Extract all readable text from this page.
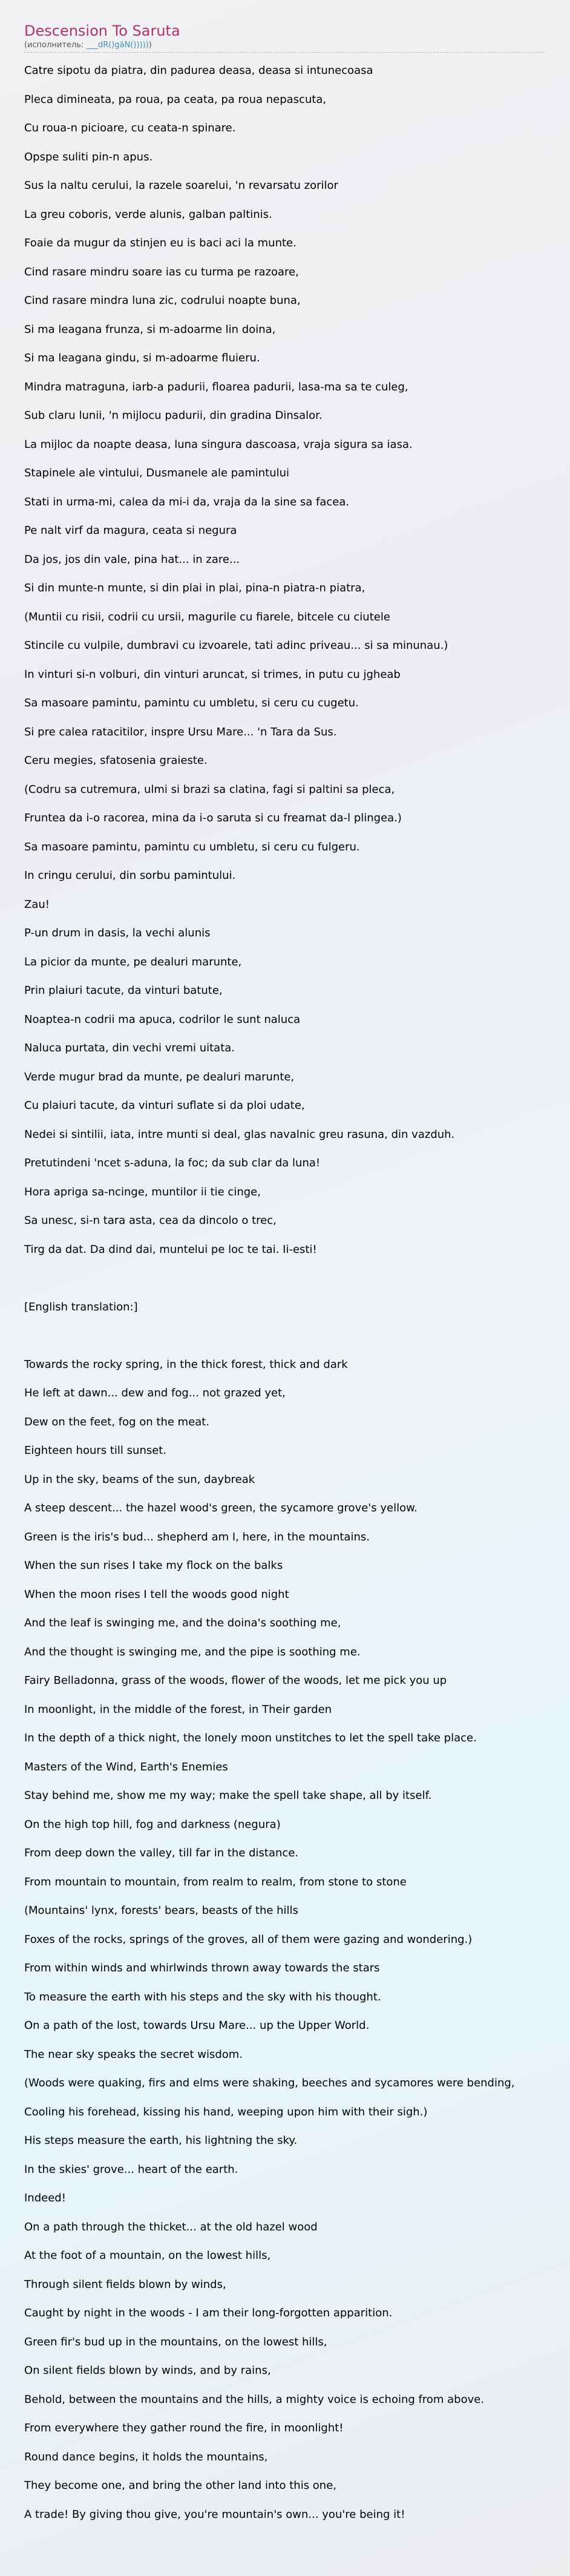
Descension To Saruta
(исполнитель: ___dR()gäN())))))
Catre sipotu da piatra, din padurea deasa, deasa si intunecoasa
Pleca dimineata, pa roua, pa ceata, pa roua nepascuta,
Cu roua-n picioare, cu ceata-n spinare.
Opspe suliti pin-n apus.
Sus la naltu cerului, la razele soarelui, 'n revarsatu zorilor
La greu coboris, verde alunis, galban paltinis.
Foaie da mugur da stinjen eu is baci aci la munte.
Cind rasare mindru soare ias cu turma pe razoare,
Cind rasare mindra luna zic, codrului noapte buna,
Si ma leagana frunza, si m-adoarme lin doina,
Si ma leagana gindu, si m-adoarme fluieru.
Mindra matraguna, iarb-a padurii, floarea padurii, lasa-ma sa te culeg,
Sub claru lunii, 'n mijlocu padurii, din gradina Dinsalor.
La mijloc da noapte deasa, luna singura dascoasa, vraja sigura sa iasa.
Stapinele ale vintului, Dusmanele ale pamintului
Stati in urma-mi, calea da mi-i da, vraja da la sine sa facea.
Pe nalt virf da magura, ceata si negura
Da jos, jos din vale, pina hat... in zare...
Si din munte-n munte, si din plai in plai, pina-n piatra-n piatra,
(Muntii cu risii, codrii cu ursii, magurile cu fiarele, bitcele cu ciutele
Stincile cu vulpile, dumbravi cu izvoarele, tati adinc priveau... si sa minunau.)
In vinturi si-n volburi, din vinturi aruncat, si trimes, in putu cu jgheab
Sa masoare pamintu, pamintu cu umbletu, si ceru cu cugetu.
Si pre calea ratacitilor, inspre Ursu Mare... 'n Tara da Sus.
Ceru megies, sfatosenia graieste.
(Codru sa cutremura, ulmi si brazi sa clatina, fagi si paltini sa pleca,
Fruntea da i-o racorea, mina da i-o saruta si cu freamat da-l plingea.)
Sa masoare pamintu, pamintu cu umbletu, si ceru cu fulgeru.
In cringu cerului, din sorbu pamintului.
Zau!
P-un drum in dasis, la vechi alunis
La picior da munte, pe dealuri marunte,
Prin plaiuri tacute, da vinturi batute,
Noaptea-n codrii ma apuca, codrilor le sunt naluca
Naluca purtata, din vechi vremi uitata.
Verde mugur brad da munte, pe dealuri marunte,
Cu plaiuri tacute, da vinturi suflate si da ploi udate,
Nedei si sintilii, iata, intre munti si deal, glas navalnic greu rasuna, din vazduh.
Pretutindeni 'ncet s-aduna, la foc; da sub clar da luna!
Hora apriga sa-ncinge, muntilor ii tie cinge,
Sa unesc, si-n tara asta, cea da dincolo o trec,
Tirg da dat. Da dind dai, muntelui pe loc te tai. Ii-esti!
[English translation:]
Towards the rocky spring, in the thick forest, thick and dark
He left at dawn... dew and fog... not grazed yet,
Dew on the feet, fog on the meat.
Eighteen hours till sunset.
Up in the sky, beams of the sun, daybreak
A steep descent... the hazel wood's green, the sycamore grove's yellow.
Green is the iris's bud... shepherd am I, here, in the mountains.
When the sun rises I take my flock on the balks
When the moon rises I tell the woods good night
And the leaf is swinging me, and the doina's soothing me,
And the thought is swinging me, and the pipe is soothing me.
Fairy Belladonna, grass of the woods, flower of the woods, let me pick you up
In moonlight, in the middle of the forest, in Their garden
In the depth of a thick night, the lonely moon unstitches to let the spell take place.
Masters of the Wind, Earth's Enemies
Stay behind me, show me my way; make the spell take shape, all by itself.
On the high top hill, fog and darkness (negura)
From deep down the valley, till far in the distance.
From mountain to mountain, from realm to realm, from stone to stone
(Mountains' lynx, forests' bears, beasts of the hills
Foxes of the rocks, springs of the groves, all of them were gazing and wondering.)
From within winds and whirlwinds thrown away towards the stars
To measure the earth with his steps and the sky with his thought.
On a path of the lost, towards Ursu Mare... up the Upper World.
The near sky speaks the secret wisdom.
(Woods were quaking, firs and elms were shaking, beeches and sycamores were bending,
Cooling his forehead, kissing his hand, weeping upon him with their sigh.)
His steps measure the earth, his lightning the sky.
In the skies' grove... heart of the earth.
Indeed!
On a path through the thicket... at the old hazel wood
At the foot of a mountain, on the lowest hills,
Through silent fields blown by winds,
Caught by night in the woods - I am their long-forgotten apparition.
Green fir's bud up in the mountains, on the lowest hills,
On silent fields blown by winds, and by rains,
Behold, between the mountains and the hills, a mighty voice is echoing from above.
From everywhere they gather round the fire, in moonlight!
Round dance begins, it holds the mountains,
They become one, and bring the other land into this one,
A trade! By giving thou give, you're mountain's own... you're being it!
